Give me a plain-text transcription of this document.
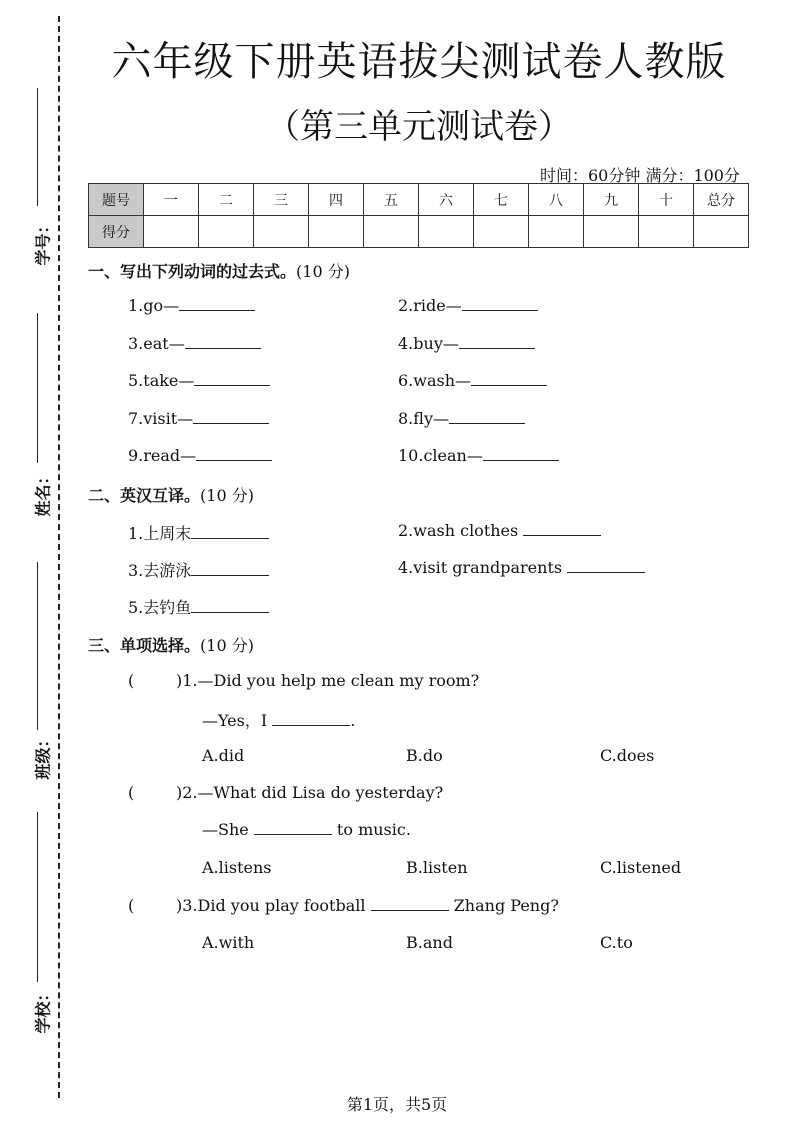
学号：
姓名：
班级：
学校：
六年级下册英语拔尖测试卷人教版
（第三单元测试卷）
时间：60分钟 满分：100分
题号	一	二	三	四	五	六	七	八	九	十	总分
得分											
一、写出下列动词的过去式。(10 分)
1.go—	2.ride—
3.eat—	4.buy—
5.take—	6.wash—
7.visit—	8.fly—
9.read—	10.clean—
二、英汉互译。(10 分)
1.上周末	2.wash clothes
3.去游泳	4.visit grandparents
5.去钓鱼
三、单项选择。(10 分)
(	)1.—Did you help me clean my room?
—Yes，I	.
A.did	B.do	C.does
(	)2.—What did Lisa do yesterday?
—She	to music.
A.listens	B.listen	C.listened
(	)3.Did you play football	Zhang Peng?
A.with	B.and	C.to
第1页，共5页
